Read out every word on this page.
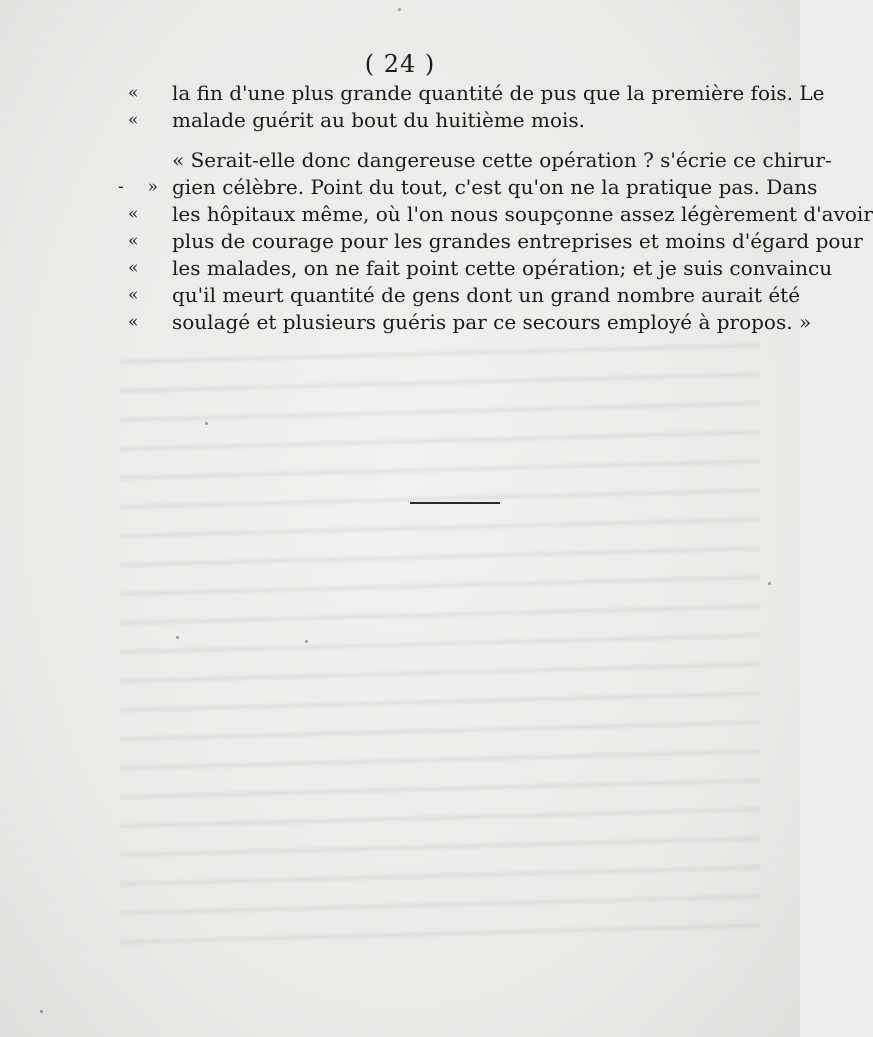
( 24 )
«	la fin d'une plus grande quantité de pus que la première fois. Le
«	malade guérit au bout du huitième mois.
« Serait-elle donc dangereuse cette opération ? s'écrie ce chirur-
- » gien célèbre. Point du tout, c'est qu'on ne la pratique pas. Dans
«	les hôpitaux même, où l'on nous soupçonne assez légèrement d'avoir
«	plus de courage pour les grandes entreprises et moins d'égard pour
«	les malades, on ne fait point cette opération; et je suis convaincu
«	qu'il meurt quantité de gens dont un grand nombre aurait été
«	soulagé et plusieurs guéris par ce secours employé à propos. »
